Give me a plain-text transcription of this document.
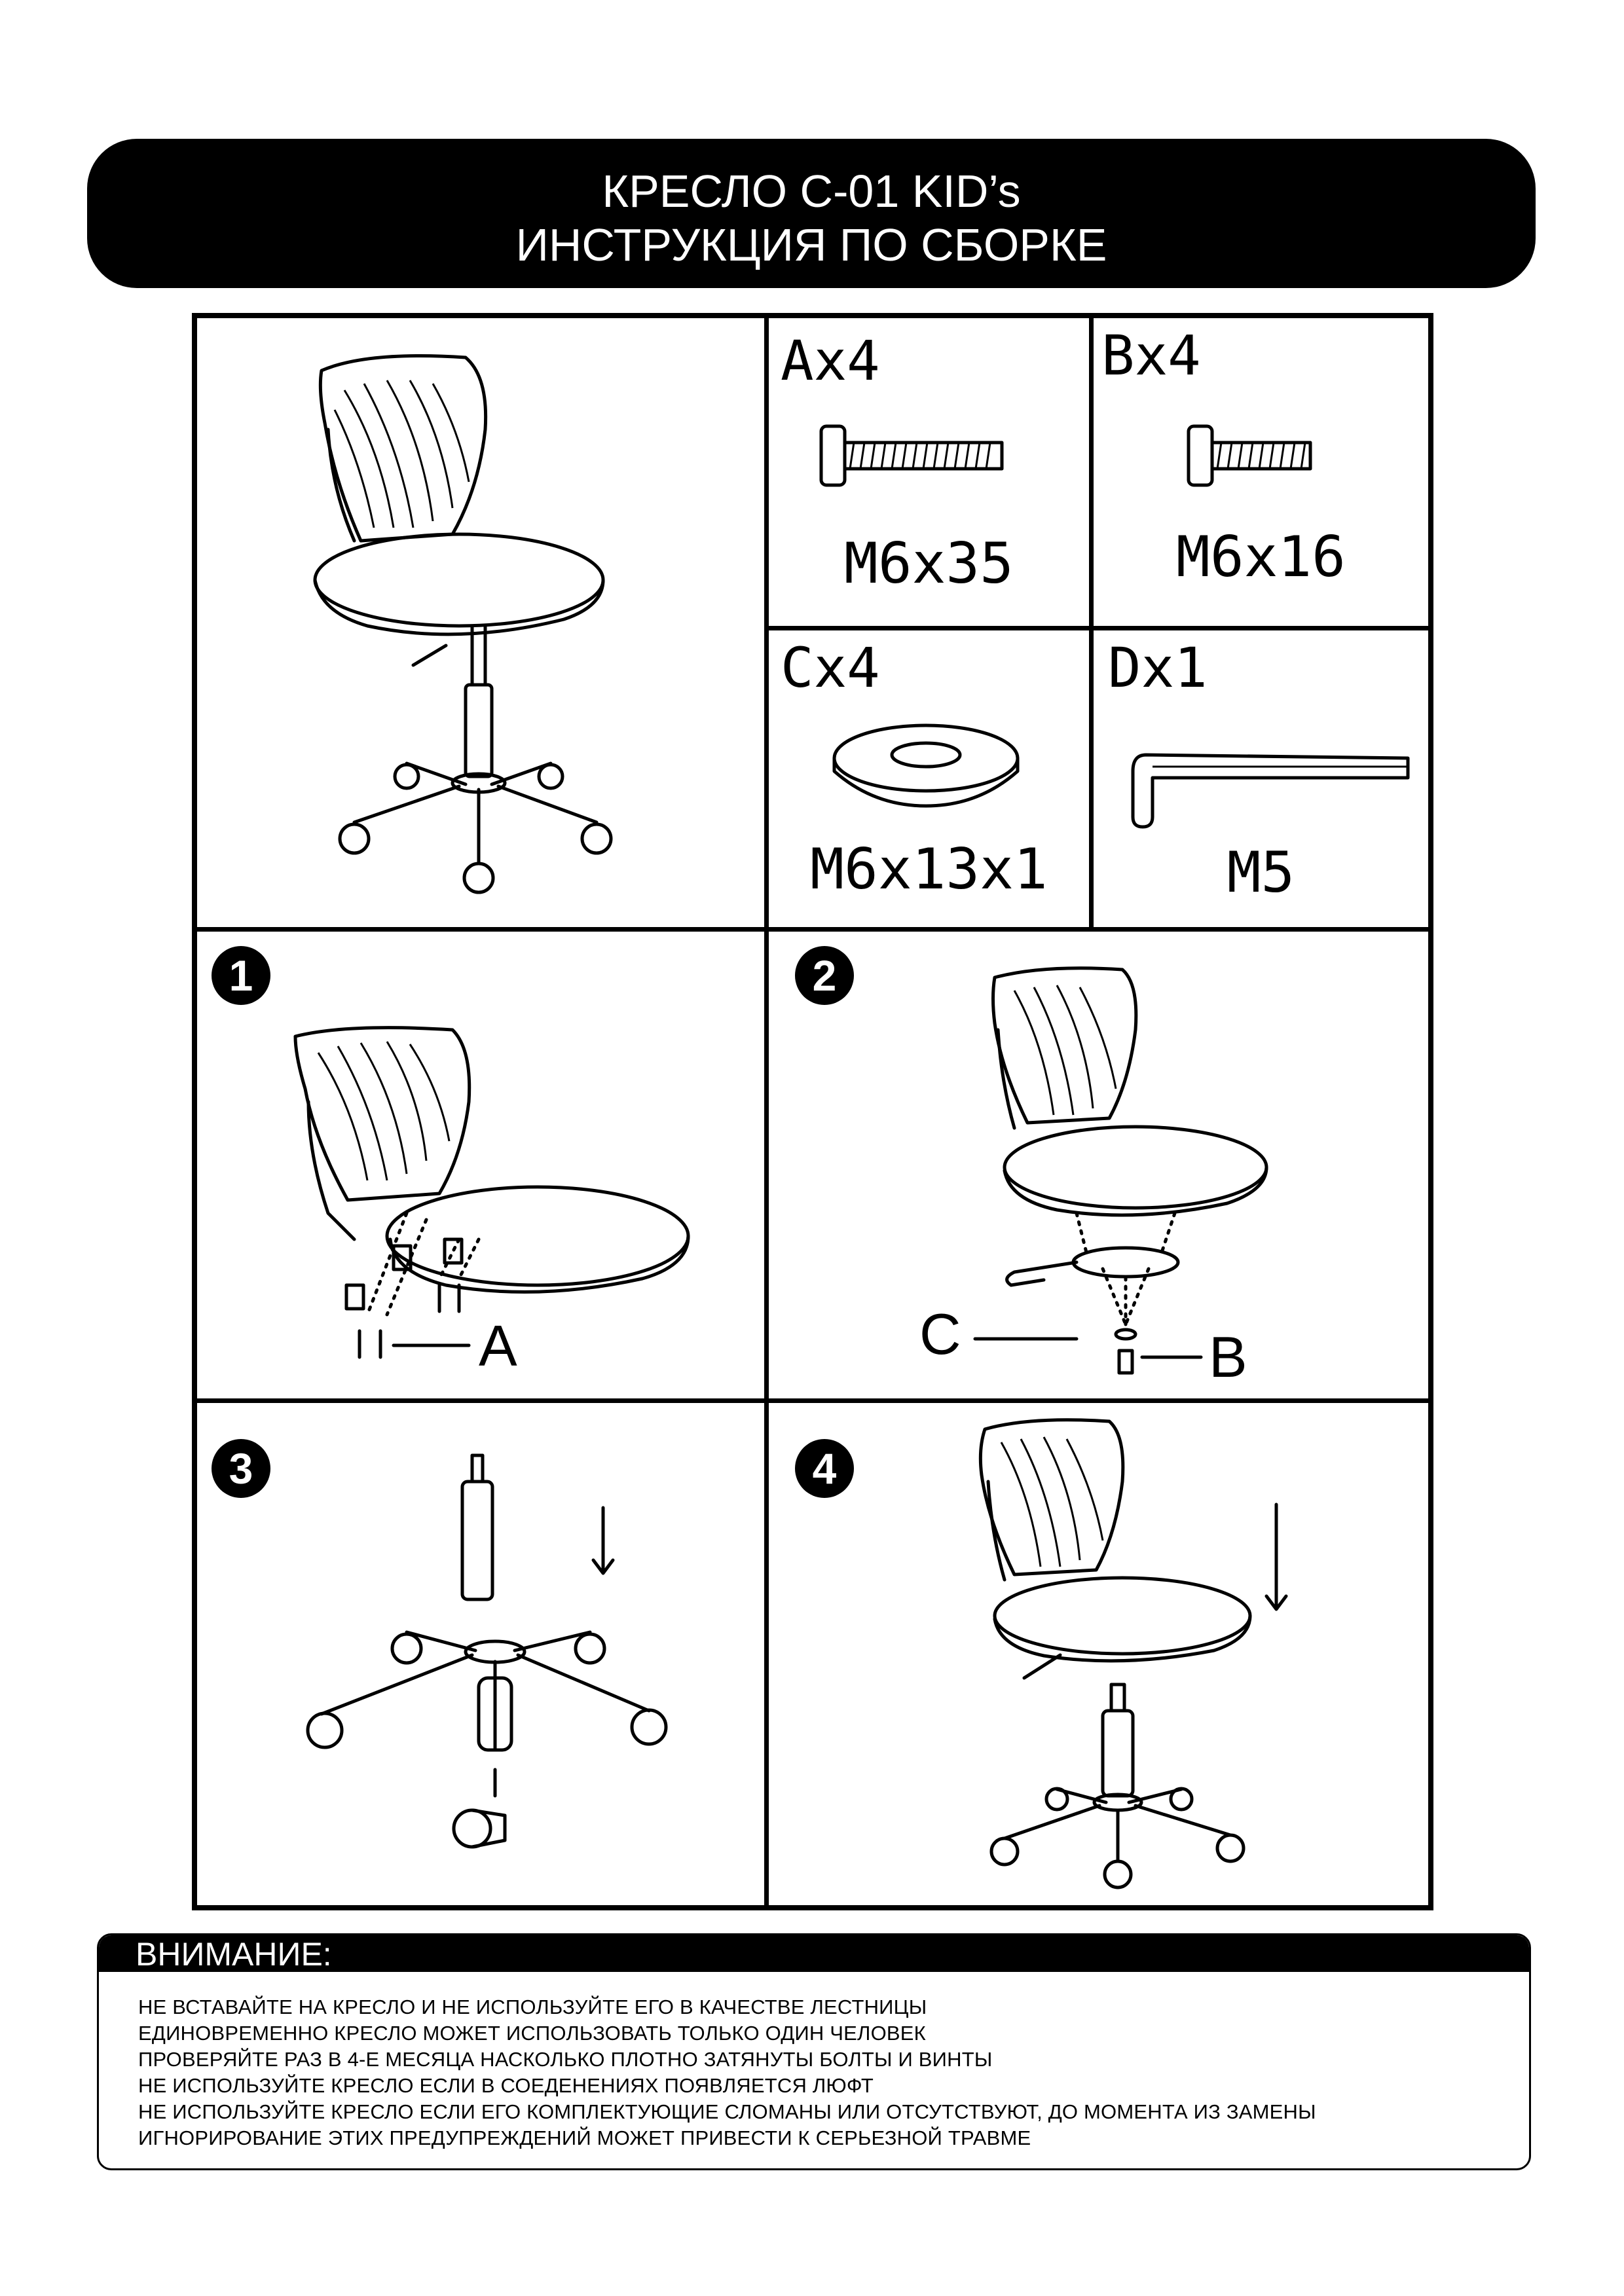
КРЕСЛО C-01 KID’s
ИНСТРУКЦИЯ ПО СБОРКЕ
Ax4
M6x35
Bx4
M6x16
Cx4
M6x13x1
Dx1
M5
1
A
2
C	B
3	4
ВНИМАНИЕ:
НЕ ВСТАВАЙТЕ НА КРЕСЛО И НЕ ИСПОЛЬЗУЙТЕ ЕГО В КАЧЕСТВЕ ЛЕСТНИЦЫ
ЕДИНОВРЕМЕННО КРЕСЛО МОЖЕТ ИСПОЛЬЗОВАТЬ ТОЛЬКО ОДИН ЧЕЛОВЕК
ПРОВЕРЯЙТЕ РАЗ В 4-Е МЕСЯЦА НАСКОЛЬКО ПЛОТНО ЗАТЯНУТЫ БОЛТЫ И ВИНТЫ
НЕ ИСПОЛЬЗУЙТЕ КРЕСЛО ЕСЛИ В СОЕДЕНЕНИЯХ ПОЯВЛЯЕТСЯ ЛЮФТ
НЕ ИСПОЛЬЗУЙТЕ КРЕСЛО ЕСЛИ ЕГО КОМПЛЕКТУЮЩИЕ СЛОМАНЫ ИЛИ ОТСУТСТВУЮТ, ДО МОМЕНТА ИЗ ЗАМЕНЫ
ИГНОРИРОВАНИЕ ЭТИХ ПРЕДУПРЕЖДЕНИЙ МОЖЕТ ПРИВЕСТИ К СЕРЬЕЗНОЙ ТРАВМЕ
